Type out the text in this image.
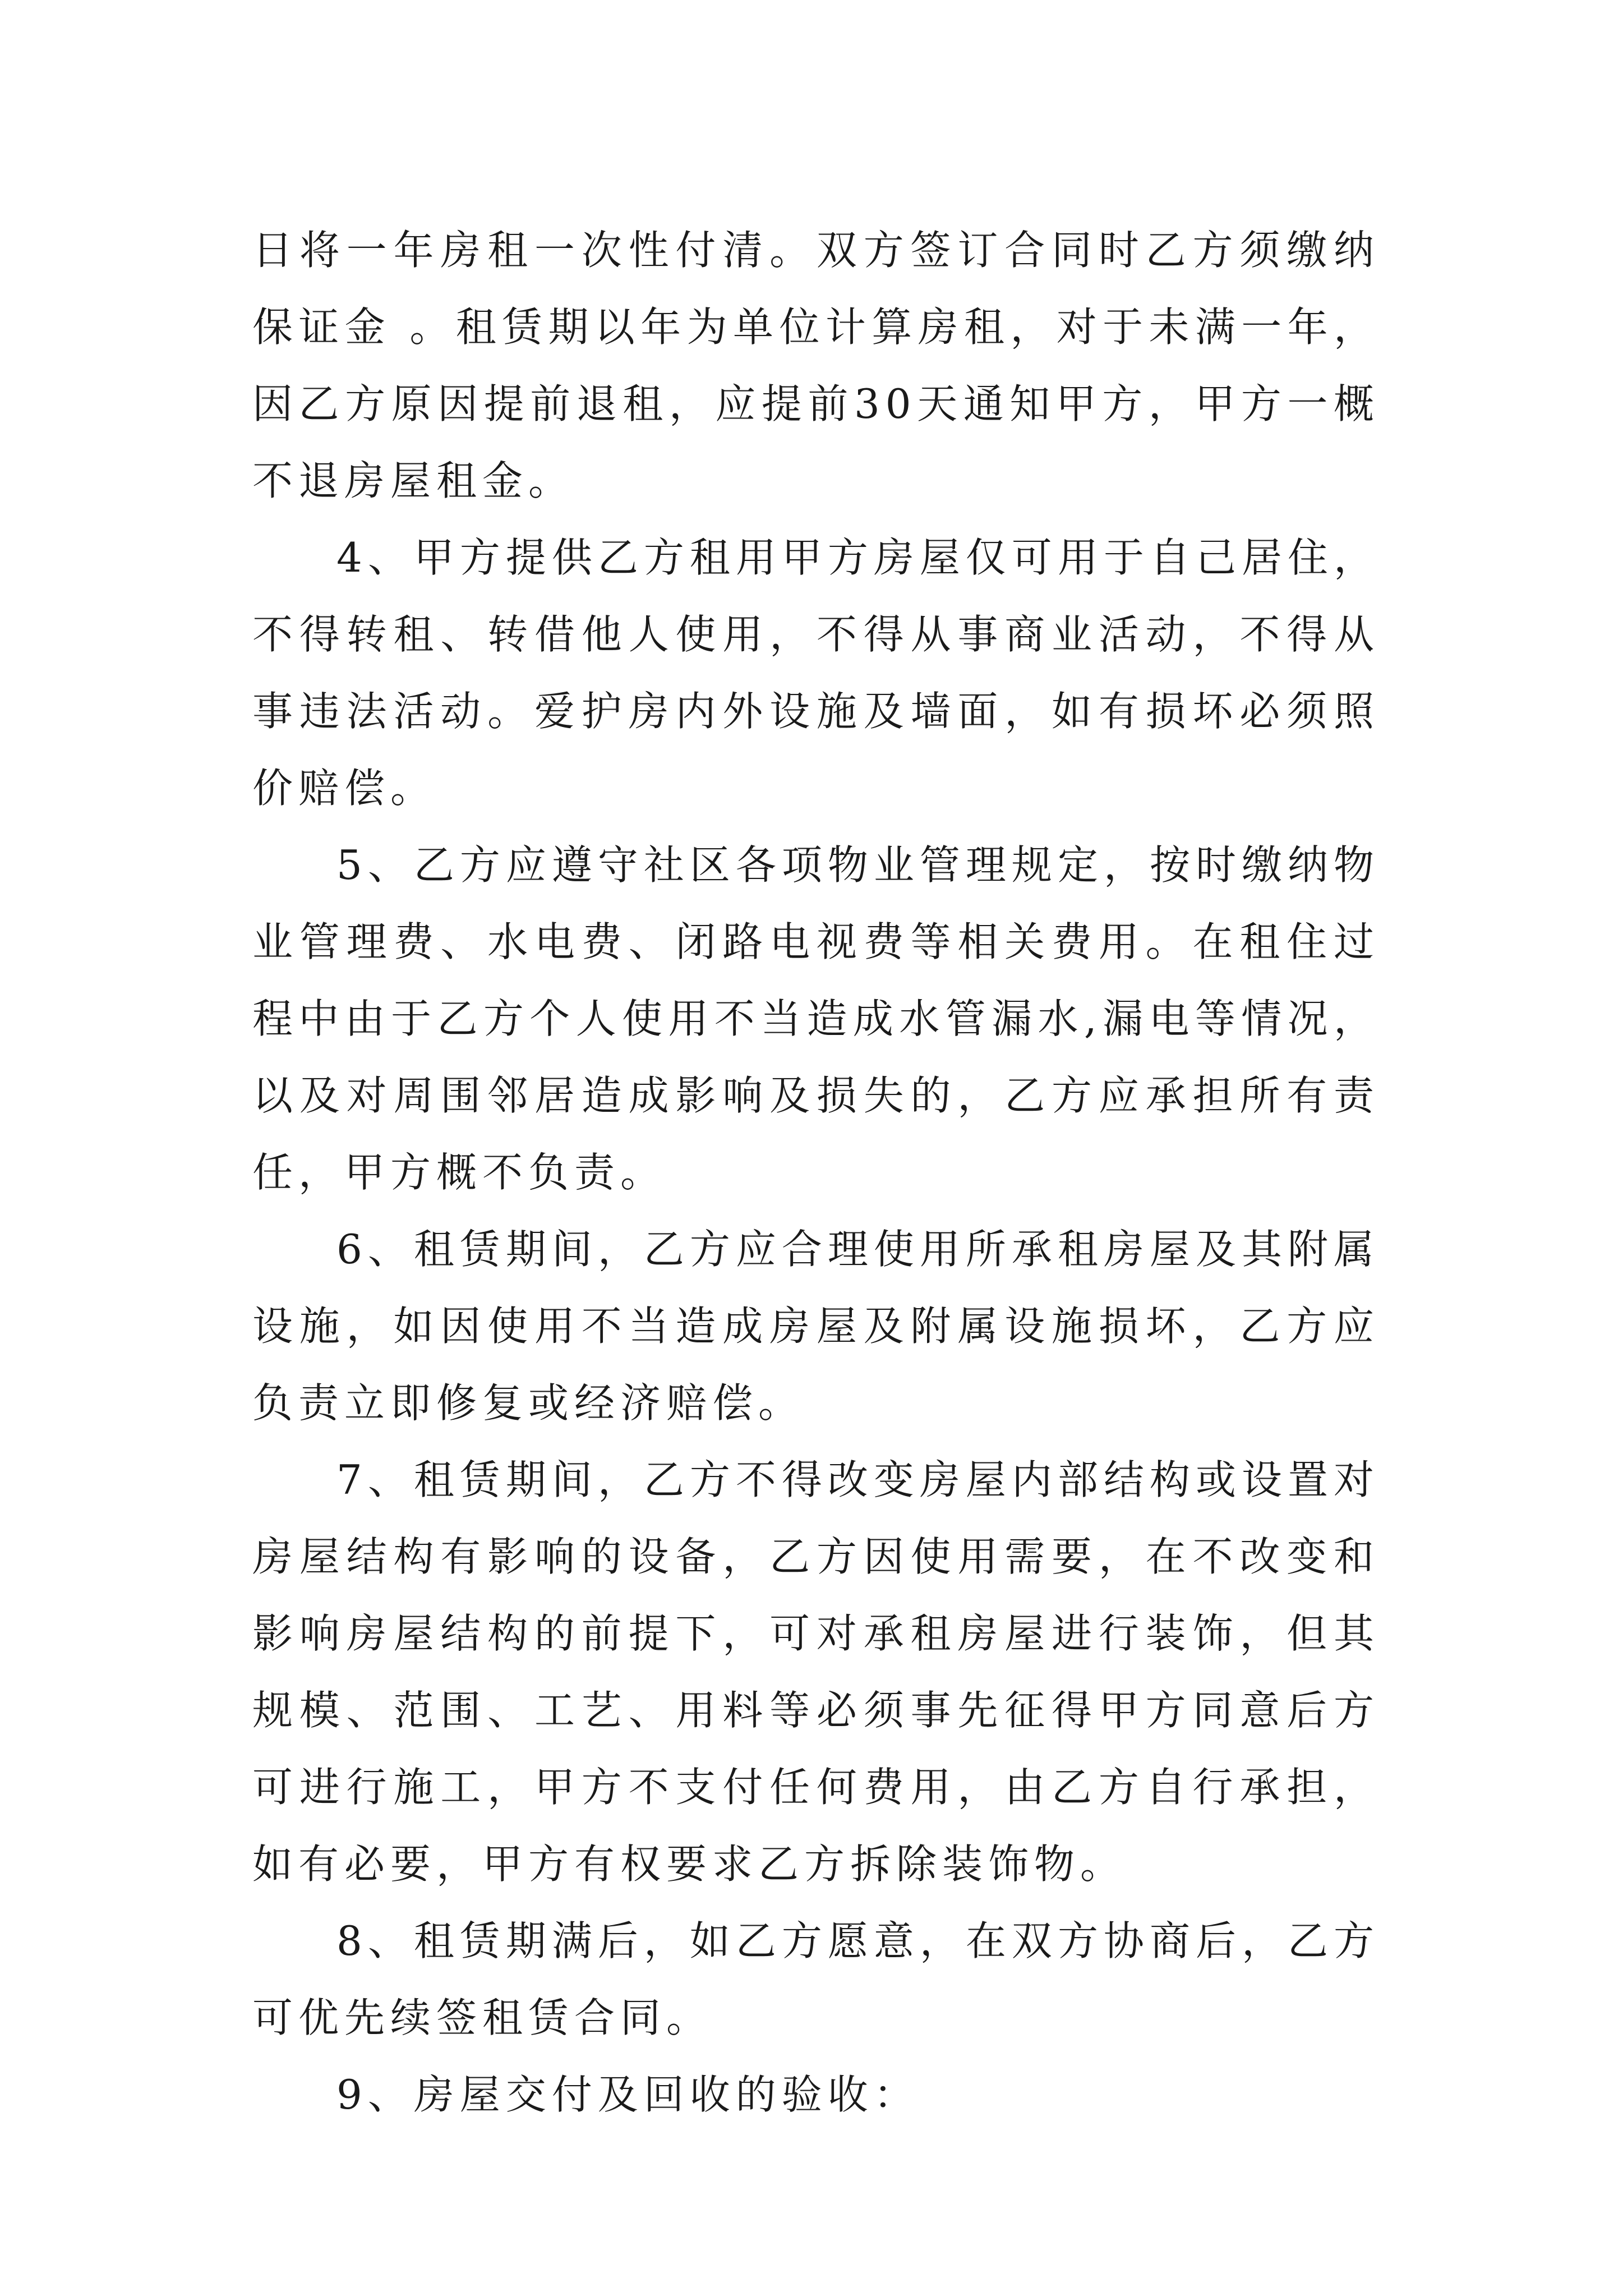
日将一年房租一次性付清。双方签订合同时乙方须缴纳 保证金 。租赁期以年为单位计算房租，对于未满一年，因乙方原因提前退租，应提前30天通知甲方，甲方一概不退房屋租金。

4、甲方提供乙方租用甲方房屋仅可用于自己居住，不得转租、转借他人使用，不得从事商业活动，不得从事违法活动。爱护房内外设施及墙面，如有损坏必须照价赔偿。

5、乙方应遵守社区各项物业管理规定，按时缴纳物业管理费、水电费、闭路电视费等相关费用。在租住过程中由于乙方个人使用不当造成水管漏水,漏电等情况，以及对周围邻居造成影响及损失的，乙方应承担所有责任，甲方概不负责。

6、租赁期间，乙方应合理使用所承租房屋及其附属设施，如因使用不当造成房屋及附属设施损坏，乙方应负责立即修复或经济赔偿。

7、租赁期间，乙方不得改变房屋内部结构或设置对房屋结构有影响的设备，乙方因使用需要，在不改变和影响房屋结构的前提下，可对承租房屋进行装饰，但其规模、范围、工艺、用料等必须事先征得甲方同意后方可进行施工，甲方不支付任何费用，由乙方自行承担，如有必要，甲方有权要求乙方拆除装饰物。

8、租赁期满后，如乙方愿意，在双方协商后，乙方可优先续签租赁合同。

9、房屋交付及回收的验收：
